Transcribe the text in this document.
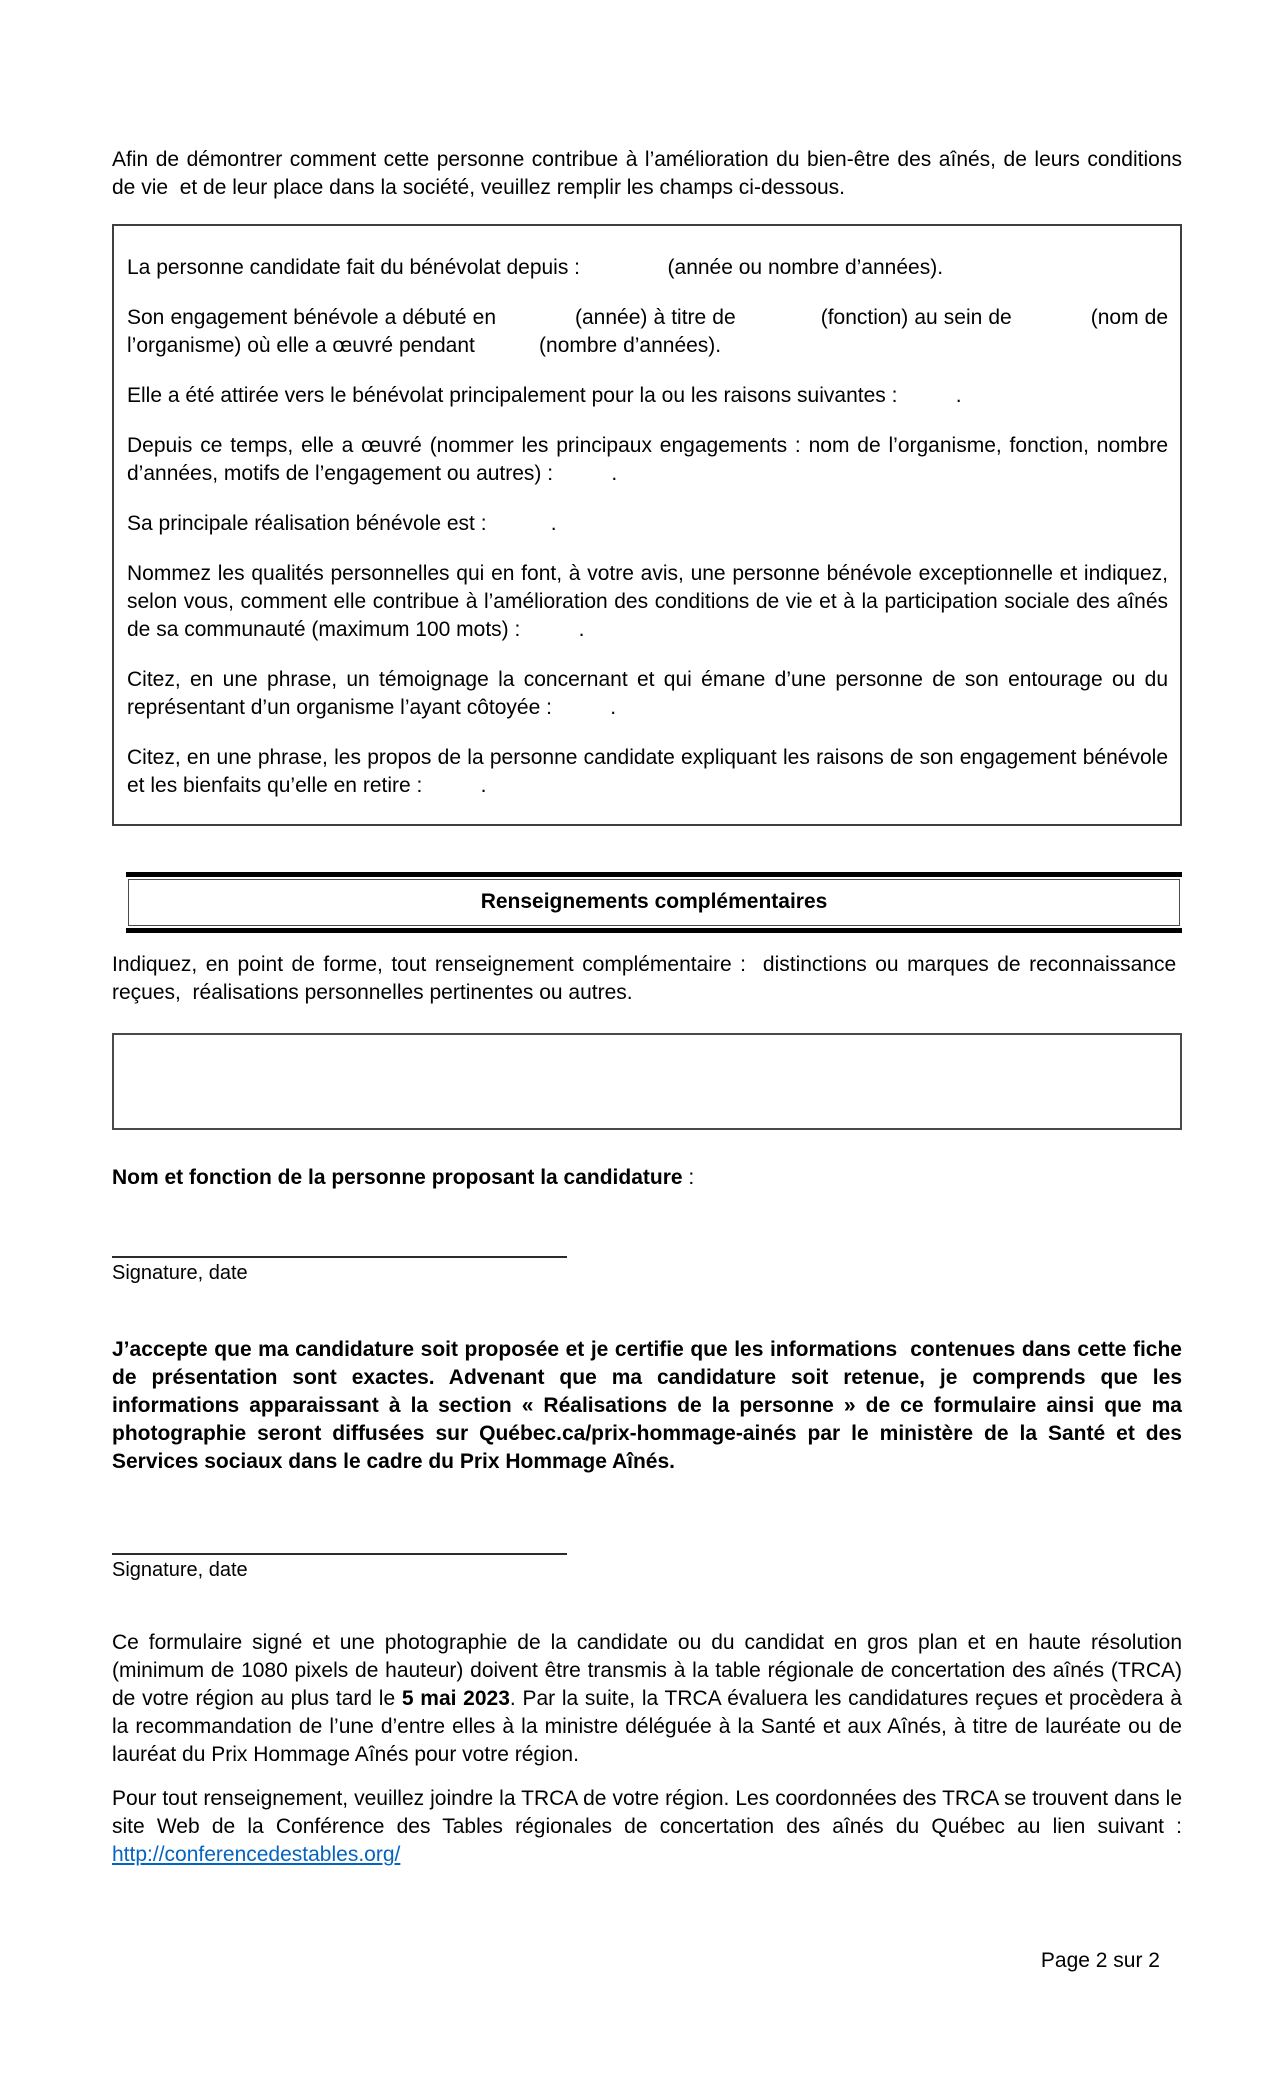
Afin de démontrer comment cette personne contribue à l’amélioration du bien-être des aînés, de leurs conditions de vie  et de leur place dans la société, veuillez remplir les champs ci-dessous.

La personne candidate fait du bénévolat depuis :               (année ou nombre d’années).

Son engagement bénévole a débuté en             (année) à titre de              (fonction) au sein de             (nom de l’organisme) où elle a œuvré pendant           (nombre d’années).

Elle a été attirée vers le bénévolat principalement pour la ou les raisons suivantes :          .

Depuis ce temps, elle a œuvré (nommer les principaux engagements : nom de l’organisme, fonction, nombre d’années, motifs de l’engagement ou autres) :          .

Sa principale réalisation bénévole est :           .

Nommez les qualités personnelles qui en font, à votre avis, une personne bénévole exceptionnelle et indiquez, selon vous, comment elle contribue à l’amélioration des conditions de vie et à la participation sociale des aînés de sa communauté (maximum 100 mots) :          .

Citez, en une phrase, un témoignage la concernant et qui émane d’une personne de son entourage ou du représentant d’un organisme l’ayant côtoyée :          .

Citez, en une phrase, les propos de la personne candidate expliquant les raisons de son engagement bénévole et les bienfaits qu’elle en retire :          .

Renseignements complémentaires

Indiquez, en point de forme, tout renseignement complémentaire :  distinctions ou marques de reconnaissance  reçues,  réalisations personnelles pertinentes ou autres.

Nom et fonction de la personne proposant la candidature :

Signature, date

J’accepte que ma candidature soit proposée et je certifie que les informations  contenues dans cette fiche de présentation sont exactes. Advenant que ma candidature soit retenue, je comprends que les informations apparaissant à la section « Réalisations de la personne » de ce formulaire ainsi que ma photographie seront diffusées sur Québec.ca/prix-hommage-ainés par le ministère de la Santé et des Services sociaux dans le cadre du Prix Hommage Aînés.

Signature, date

Ce formulaire signé et une photographie de la candidate ou du candidat en gros plan et en haute résolution (minimum de 1080 pixels de hauteur) doivent être transmis à la table régionale de concertation des aînés (TRCA) de votre région au plus tard le 5 mai 2023. Par la suite, la TRCA évaluera les candidatures reçues et procèdera à la recommandation de l’une d’entre elles à la ministre déléguée à la Santé et aux Aînés, à titre de lauréate ou de lauréat du Prix Hommage Aînés pour votre région.

Pour tout renseignement, veuillez joindre la TRCA de votre région. Les coordonnées des TRCA se trouvent dans le site Web de la Conférence des Tables régionales de concertation des aînés du Québec au lien suivant : http://conferencedestables.org/

Page 2 sur 2
